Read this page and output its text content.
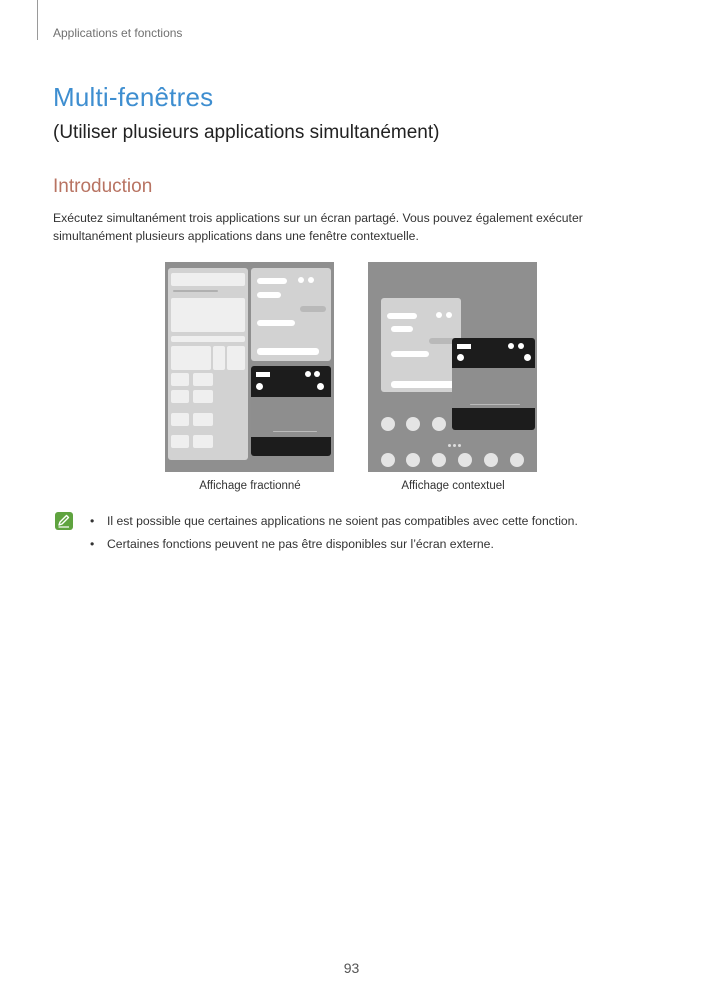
Applications et fonctions
Multi-fenêtres
(Utiliser plusieurs applications simultanément)
Introduction

Exécutez simultanément trois applications sur un écran partagé. Vous pouvez également exécuter simultanément plusieurs applications dans une fenêtre contextuelle.

Affichage fractionné	Affichage contextuel
• Il est possible que certaines applications ne soient pas compatibles avec cette fonction.
• Certaines fonctions peuvent ne pas être disponibles sur l’écran externe.
93
